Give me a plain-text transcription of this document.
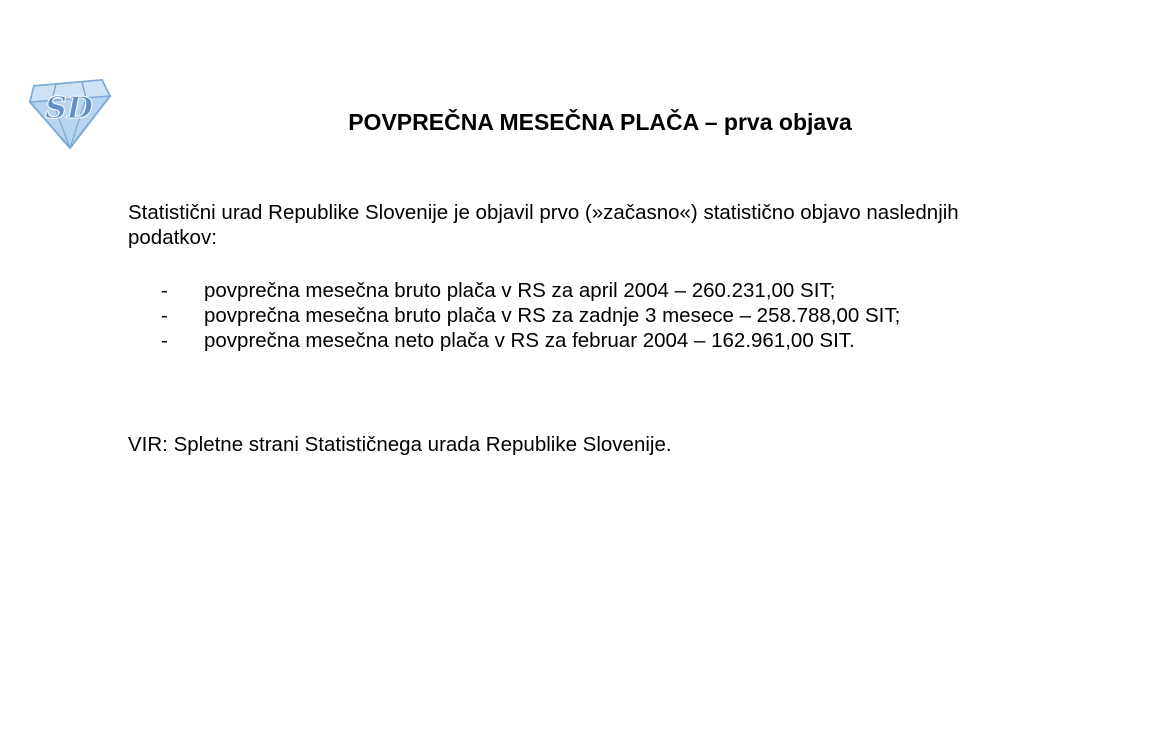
SD	POVPREČNA MESEČNA PLAČA – prva objava

Statistični urad Republike Slovenije je objavil prvo (»začasno«) statistično objavo naslednjih podatkov:

- povprečna mesečna bruto plača v RS za april 2004 – 260.231,00 SIT;
- povprečna mesečna bruto plača v RS za zadnje 3 mesece – 258.788,00 SIT;
- povprečna mesečna neto plača v RS za februar 2004 – 162.961,00 SIT.

VIR: Spletne strani Statističnega urada Republike Slovenije.
